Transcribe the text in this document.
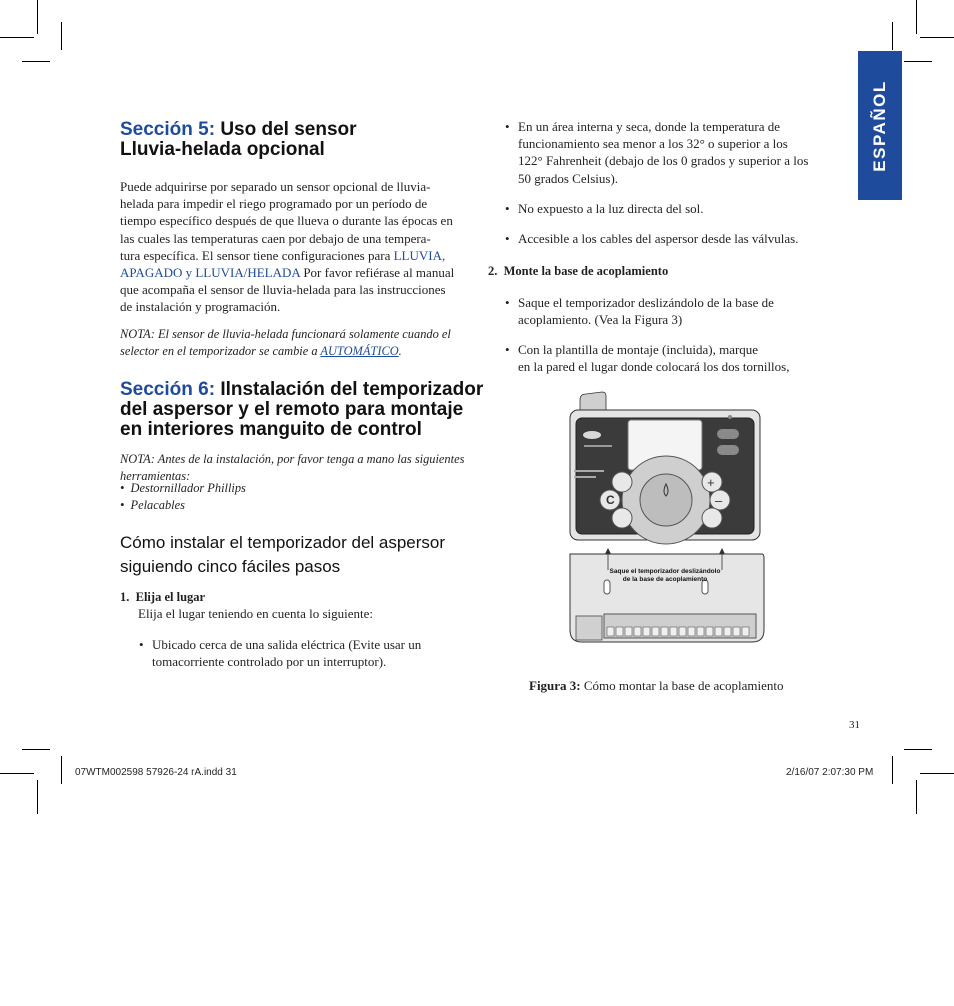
ESPAÑOL
Sección 5: Uso del sensor
Lluvia-helada opcional
Puede adquirirse por separado un sensor opcional de lluvia-
helada para impedir el riego programado por un período de
tiempo específico después de que llueva o durante las épocas en
las cuales las temperaturas caen por debajo de una tempera-
tura específica. El sensor tiene configuraciones para LLUVIA,
APAGADO y LLUVIA/HELADA Por favor refiérase al manual
que acompaña el sensor de lluvia-helada para las instrucciones
de instalación y programación.
NOTA: El sensor de lluvia-helada funcionará solamente cuando el
selector en el temporizador se cambie a AUTOMÁTICO.
Sección 6: Ilnstalación del temporizador
del aspersor y el remoto para montaje
en interiores manguito de control
NOTA: Antes de la instalación, por favor tenga a mano las siguientes
herramientas:
• Destornillador Phillips
• Pelacables
Cómo instalar el temporizador del aspersor
siguiendo cinco fáciles pasos
1. Elija el lugar
Elija el lugar teniendo en cuenta lo siguiente:
• Ubicado cerca de una salida eléctrica (Evite usar un
tomacorriente controlado por un interruptor).
• En un área interna y seca, donde la temperatura de
funcionamiento sea menor a los 32° o superior a los
122° Fahrenheit (debajo de los 0 grados y superior a los
50 grados Celsius).
• No expuesto a la luz directa del sol.
• Accesible a los cables del aspersor desde las válvulas.
2. Monte la base de acoplamiento
• Saque el temporizador deslizándolo de la base de
acoplamiento. (Vea la Figura 3)
• Con la plantilla de montaje (incluida), marque
en la pared el lugar donde colocará los dos tornillos,
C
+
–
Saque el temporizador deslizándolo
de la base de acoplamiento
Figura 3: Cómo montar la base de acoplamiento
31
07WTM002598 57926-24 rA.indd 31	2/16/07 2:07:30 PM
